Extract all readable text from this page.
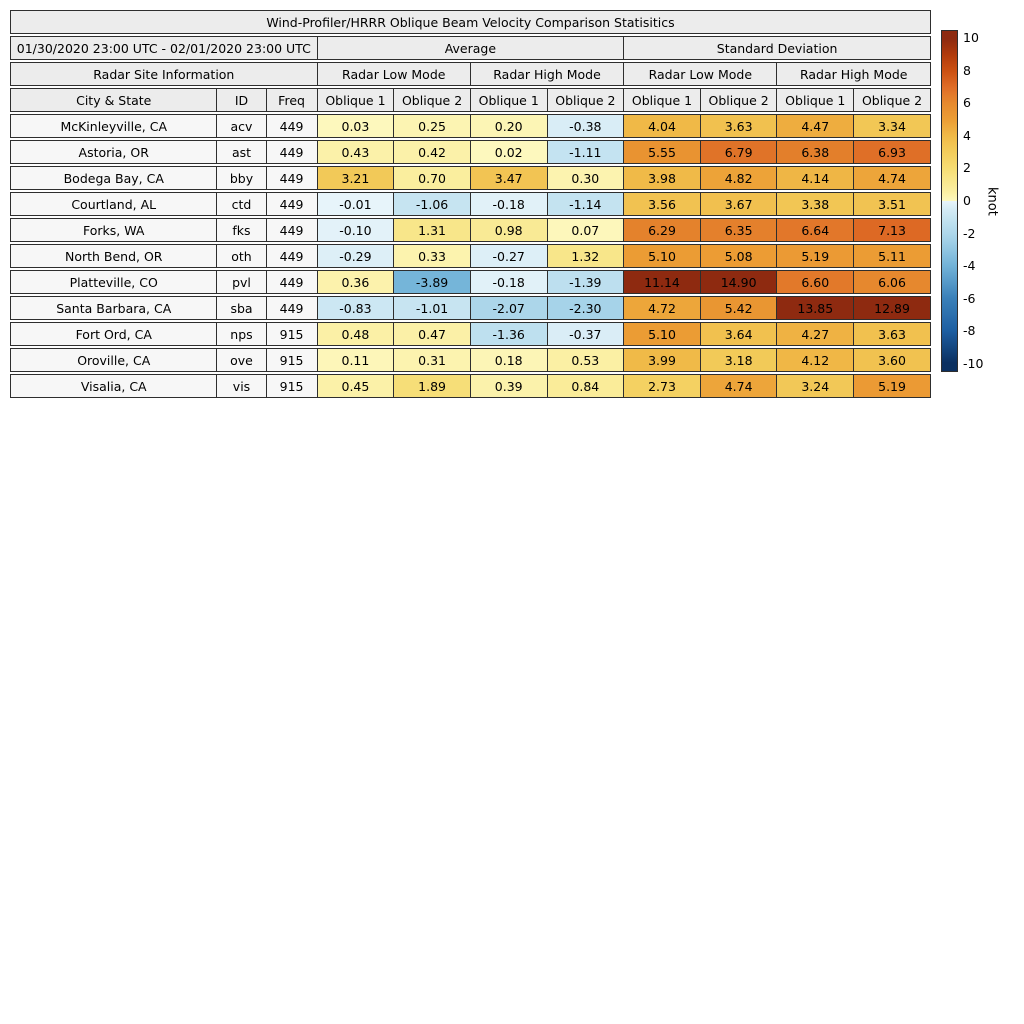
Wind-Profiler/HRRR Oblique Beam Velocity Comparison Statisitics										
01/30/2020 23:00 UTC - 02/01/2020 23:00 UTC			Average				Standard Deviation			
Radar Site Information			Radar Low Mode		Radar High Mode		Radar Low Mode		Radar High Mode	
City & State	ID	Freq	Oblique 1	Oblique 2	Oblique 1	Oblique 2	Oblique 1	Oblique 2	Oblique 1	Oblique 2
McKinleyville, CA	acv	449	0.03	0.25	0.20	-0.38	4.04	3.63	4.47	3.34
Astoria, OR	ast	449	0.43	0.42	0.02	-1.11	5.55	6.79	6.38	6.93
Bodega Bay, CA	bby	449	3.21	0.70	3.47	0.30	3.98	4.82	4.14	4.74
Courtland, AL	ctd	449	-0.01	-1.06	-0.18	-1.14	3.56	3.67	3.38	3.51
Forks, WA	fks	449	-0.10	1.31	0.98	0.07	6.29	6.35	6.64	7.13
North Bend, OR	oth	449	-0.29	0.33	-0.27	1.32	5.10	5.08	5.19	5.11
Platteville, CO	pvl	449	0.36	-3.89	-0.18	-1.39	11.14	14.90	6.60	6.06
Santa Barbara, CA	sba	449	-0.83	-1.01	-2.07	-2.30	4.72	5.42	13.85	12.89
Fort Ord, CA	nps	915	0.48	0.47	-1.36	-0.37	5.10	3.64	4.27	3.63
Oroville, CA	ove	915	0.11	0.31	0.18	0.53	3.99	3.18	4.12	3.60
Visalia, CA	vis	915	0.45	1.89	0.39	0.84	2.73	4.74	3.24	5.19
10
8
6
4
2
0
-2
-4
-6
-8
-10
knot
